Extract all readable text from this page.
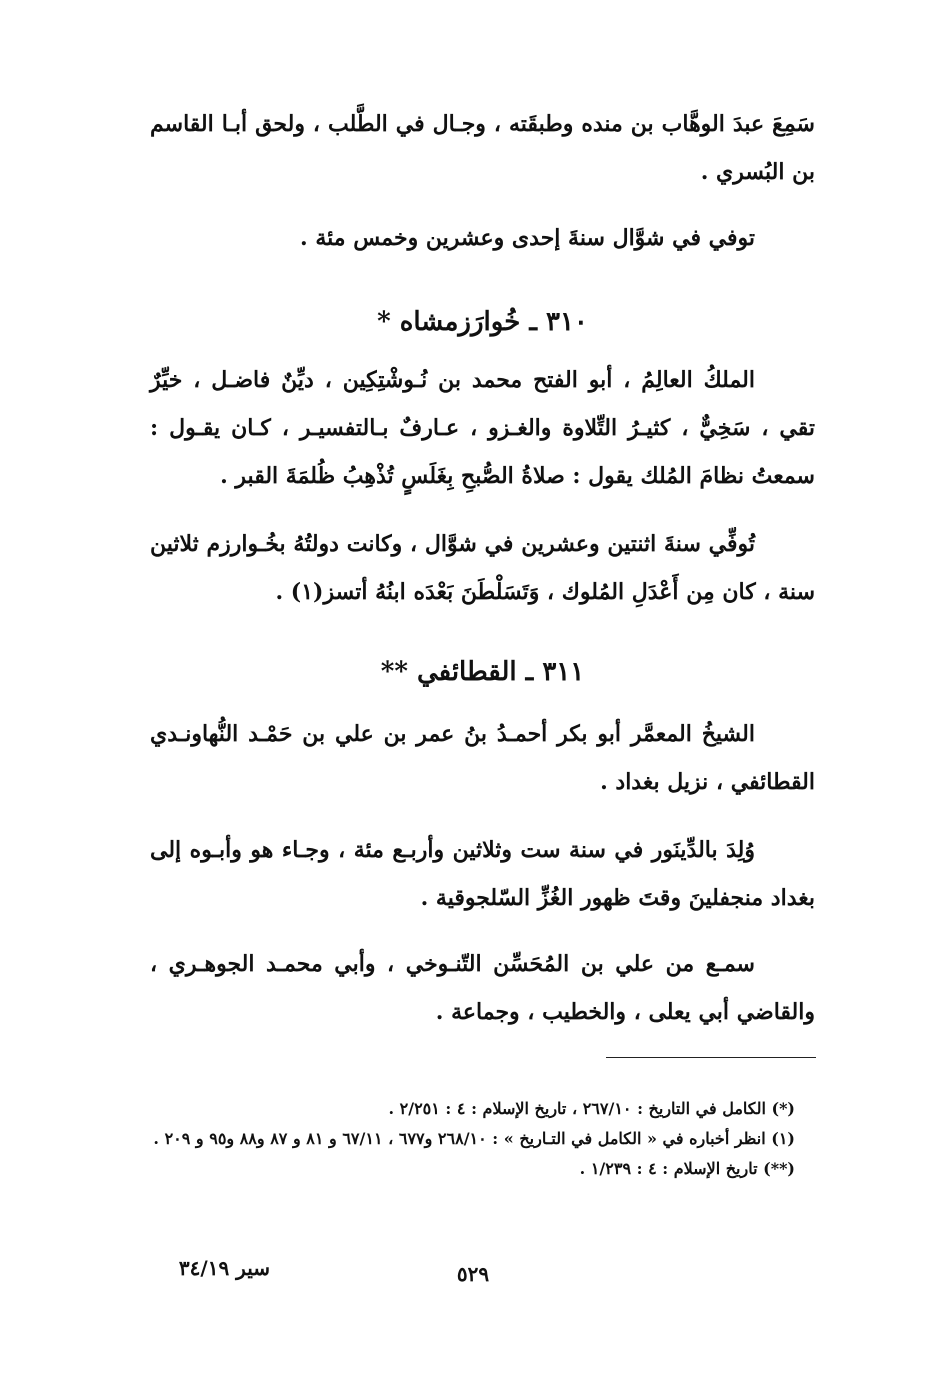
سَمِعَ عبدَ الوهَّاب بن منده وطبقَته ، وجـال في الطَّلب ، ولحق أبـا القاسم بن البُسري .

توفي في شوَّال سنةَ إحدى وعشرين وخمس مئة .

٣١٠ ـ خُوارَزمشاه *

الملكُ العالِمُ ، أبو الفتح محمد بن نُـوشْتِكِين ، ديِّنٌ فاضـل ، خيِّرٌ تقي ، سَخِيٌّ ، كثيـرُ التِّلاوة والغـزو ، عـارفٌ بـالتفسيـر ، كـان يقـول : سمعتُ نظامَ المُلك يقول : صلاةُ الصُّبحِ بِغَلَسٍ تُذْهِبُ ظُلمَةَ القبر .

تُوفِّي سنةَ اثنتين وعشرين في شوَّال ، وكانت دولتُهُ بخُـوارزم ثلاثين سنة ، كان مِن أَعْدَلِ المُلوك ، وَتَسَلْطَنَ بَعْدَه ابنُهُ أتسز(١) .

٣١١ ـ القطائفي **

الشيخُ المعمَّر أبو بكر أحمـدُ بنُ عمر بن علي بن حَمْـد النُّهاونـدي القطائفي ، نزيل بغداد .

وُلِدَ بالدِّينَور في سنة ست وثلاثين وأربـع مئة ، وجـاء هو وأبـوه إلى بغداد منجفلينَ وقتَ ظهور الغُزِّ السّلجوقية .

سمـع من علي بن المُحَسِّن التّنـوخي ، وأبي محمـد الجوهـري ، والقاضي أبي يعلى ، والخطيب ، وجماعة .

(*) الكامل في التاريخ : ٢٦٧/١٠ ، تاريخ الإسلام : ٤ : ٢/٢٥١ .

(١) انظر أخباره في « الكامل في التـاريخ » : ٢٦٨/١٠ و٦٧٧ ، ٦٧/١١ و ٨١ و ٨٧ و٨٨ و٩٥ و ٢٠٩ .

(**) تاريخ الإسلام : ٤ : ١/٢٣٩ .

٥٢٩
سير ٣٤/١٩
